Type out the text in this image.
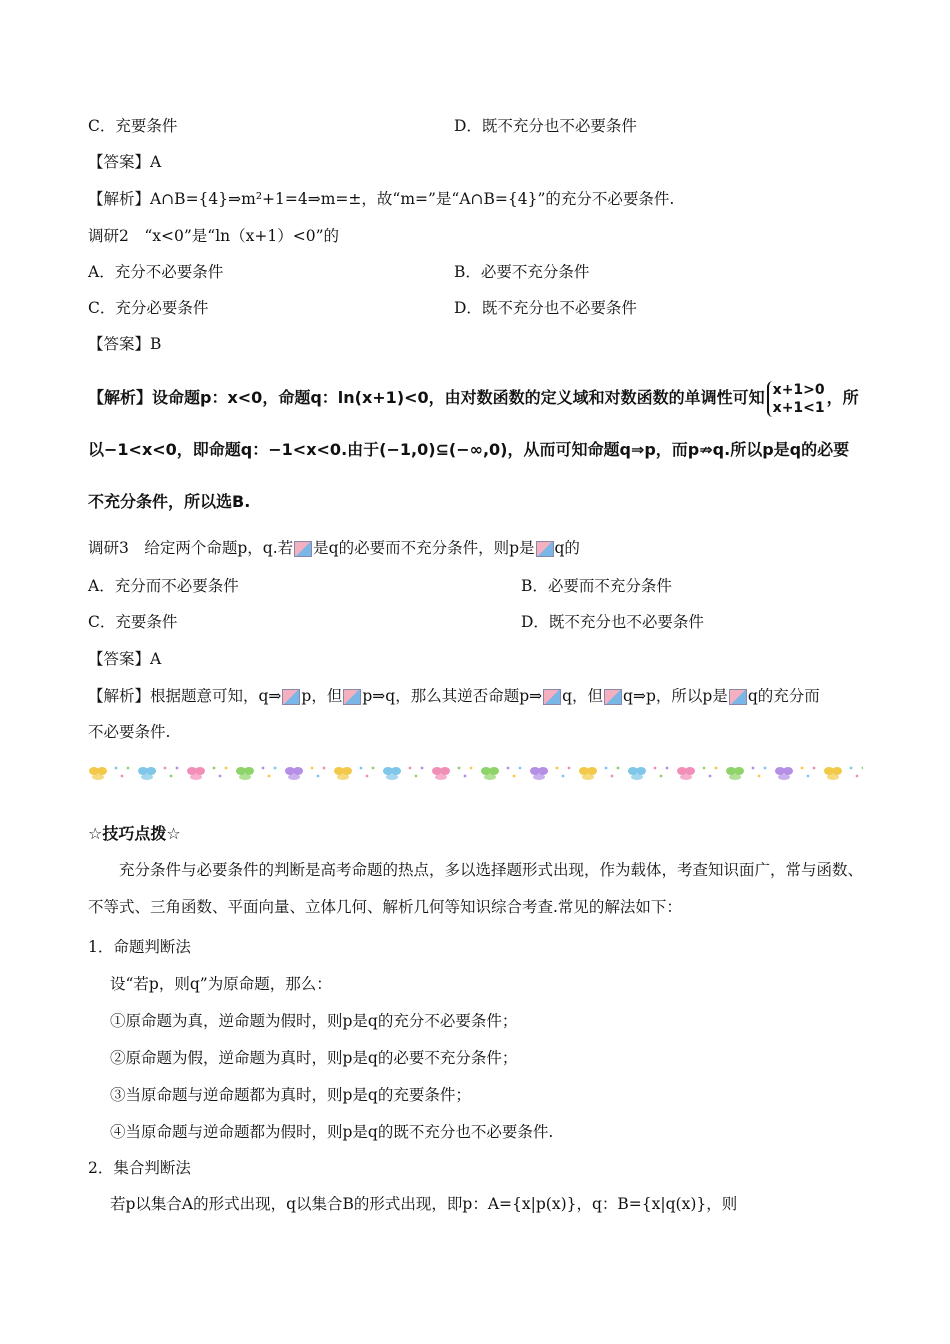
C．充要条件	D．既不充分也不必要条件
【答案】A
【解析】A∩B={4}⇒m²+1=4⇒m=±，故“m=”是“A∩B={4}”的充分不必要条件.
调研2　“x<0”是“ln（x+1）<0”的
A．充分不必要条件	B．必要不充分条件
C．充分必要条件	D．既不充分也不必要条件
【答案】B
A．充分而不必要条件	B．必要而不充分条件
C．充要条件	D．既不充分也不必要条件
【答案】A
不必要条件.
☆技巧点拨☆
1．命题判断法
设“若p，则q”为原命题，那么：
①原命题为真，逆命题为假时，则p是q的充分不必要条件；
②原命题为假，逆命题为真时，则p是q的必要不充分条件；
③当原命题与逆命题都为真时，则p是q的充要条件；
④当原命题与逆命题都为假时，则p是q的既不充分也不必要条件.
2．集合判断法
若p以集合A的形式出现，q以集合B的形式出现，即p：A={x|p(x)}，q：B={x|q(x)}，则
【解析】设命题p：x<0，命题q：ln(x+1)<0，由对数函数的定义域和对数函数的单调性可知 x+1>0
x+1<1，所以−1<x<0，即命题q：−1<x<0.由于(−1,0)⊆(−∞,0)，从而可知命题q⇒p，而p⇏q.所以p是q的必要不充分条件，所以选B.
调研3　给定两个命题p，q.若 是q的必要而不充分条件，则p是 q的
【解析】根据题意可知，q⇒ p，但 p⇒q，那么其逆否命题p⇒ q，但 q⇒p，所以p是 q的充分而
充分条件与必要条件的判断是高考命题的热点，多以选择题形式出现，作为载体，考查知识面广，常与函数、不等式、三角函数、平面向量、立体几何、解析几何等知识综合考查.常见的解法如下：
